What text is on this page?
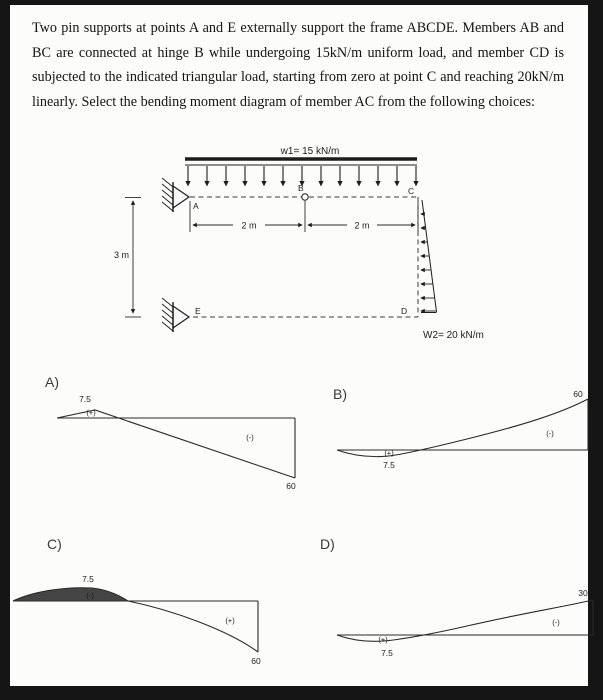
Two pin supports at points A and E externally support the frame ABCDE. Members AB and BC are connected at hinge B while undergoing 15kN/m uniform load, and member CD is subjected to the indicated triangular load, starting from zero at point C and reaching 20kN/m linearly. Select the bending moment diagram of member AC from the following choices:

w1= 15 kN/m
2 m	2 m
3 m
W2= 20 kN/m
A
B	C
D
E
A)
7.5
(+)
(-)
60
B)
(+)
7.5
(-)
60
C)
7.5
(-)
(+)
60
D)
(+)
7.5
(-)
30
